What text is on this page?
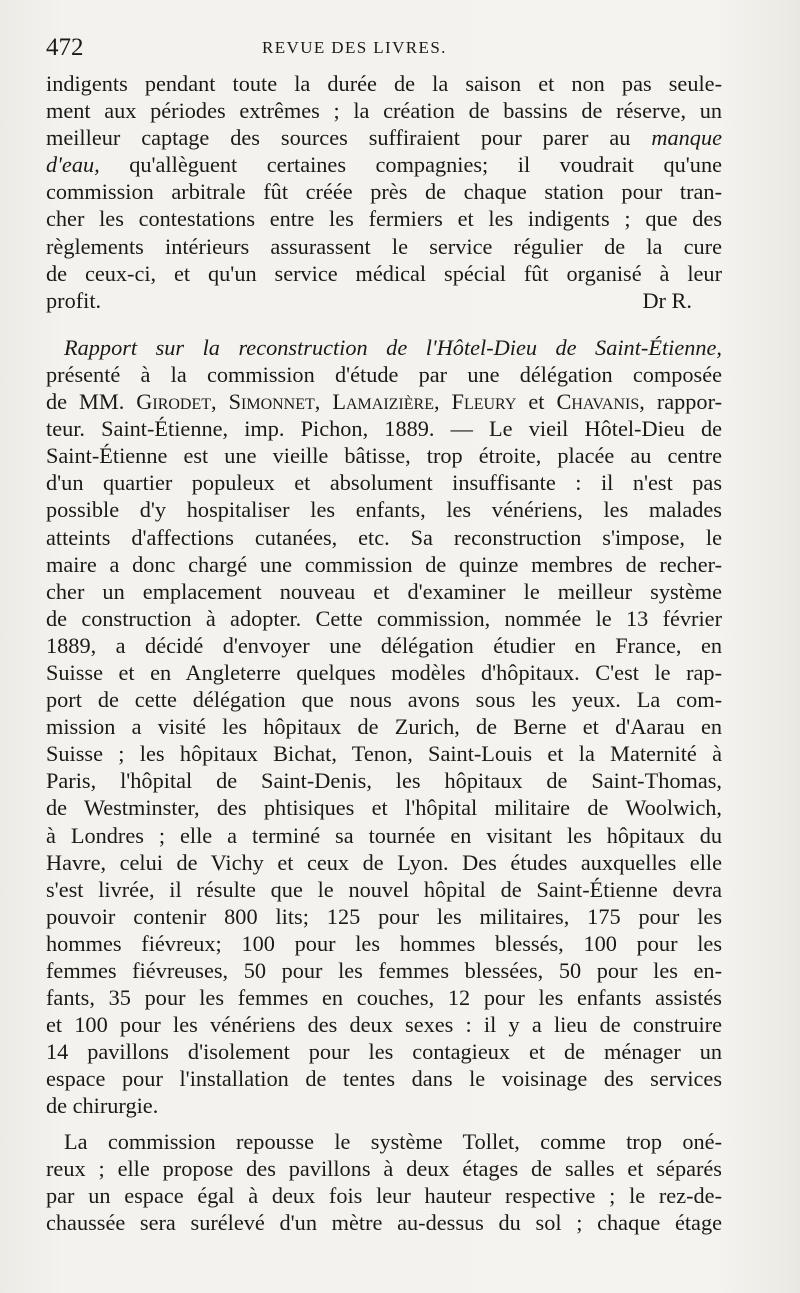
472	REVUE DES LIVRES.
indigents pendant toute la durée de la saison et non pas seule-
ment aux périodes extrêmes ; la création de bassins de réserve, un
meilleur captage des sources suffiraient pour parer au manque
d'eau, qu'allèguent certaines compagnies; il voudrait qu'une
commission arbitrale fût créée près de chaque station pour tran-
cher les contestations entre les fermiers et les indigents ; que des
règlements intérieurs assurassent le service régulier de la cure
de ceux-ci, et qu'un service médical spécial fût organisé à leur
profit.	Dr R.
Rapport sur la reconstruction de l'Hôtel-Dieu de Saint-Étienne,
présenté à la commission d'étude par une délégation composée
de MM. Girodet, Simonnet, Lamaizière, Fleury et Chavanis, rappor-
teur. Saint-Étienne, imp. Pichon, 1889. — Le vieil Hôtel-Dieu de
Saint-Étienne est une vieille bâtisse, trop étroite, placée au centre
d'un quartier populeux et absolument insuffisante : il n'est pas
possible d'y hospitaliser les enfants, les vénériens, les malades
atteints d'affections cutanées, etc. Sa reconstruction s'impose, le
maire a donc chargé une commission de quinze membres de recher-
cher un emplacement nouveau et d'examiner le meilleur système
de construction à adopter. Cette commission, nommée le 13 février
1889, a décidé d'envoyer une délégation étudier en France, en
Suisse et en Angleterre quelques modèles d'hôpitaux. C'est le rap-
port de cette délégation que nous avons sous les yeux. La com-
mission a visité les hôpitaux de Zurich, de Berne et d'Aarau en
Suisse ; les hôpitaux Bichat, Tenon, Saint-Louis et la Maternité à
Paris, l'hôpital de Saint-Denis, les hôpitaux de Saint-Thomas,
de Westminster, des phtisiques et l'hôpital militaire de Woolwich,
à Londres ; elle a terminé sa tournée en visitant les hôpitaux du
Havre, celui de Vichy et ceux de Lyon. Des études auxquelles elle
s'est livrée, il résulte que le nouvel hôpital de Saint-Étienne devra
pouvoir contenir 800 lits; 125 pour les militaires, 175 pour les
hommes fiévreux; 100 pour les hommes blessés, 100 pour les
femmes fiévreuses, 50 pour les femmes blessées, 50 pour les en-
fants, 35 pour les femmes en couches, 12 pour les enfants assistés
et 100 pour les vénériens des deux sexes : il y a lieu de construire
14 pavillons d'isolement pour les contagieux et de ménager un
espace pour l'installation de tentes dans le voisinage des services
de chirurgie.
La commission repousse le système Tollet, comme trop oné-
reux ; elle propose des pavillons à deux étages de salles et séparés
par un espace égal à deux fois leur hauteur respective ; le rez-de-
chaussée sera surélevé d'un mètre au-dessus du sol ; chaque étage
